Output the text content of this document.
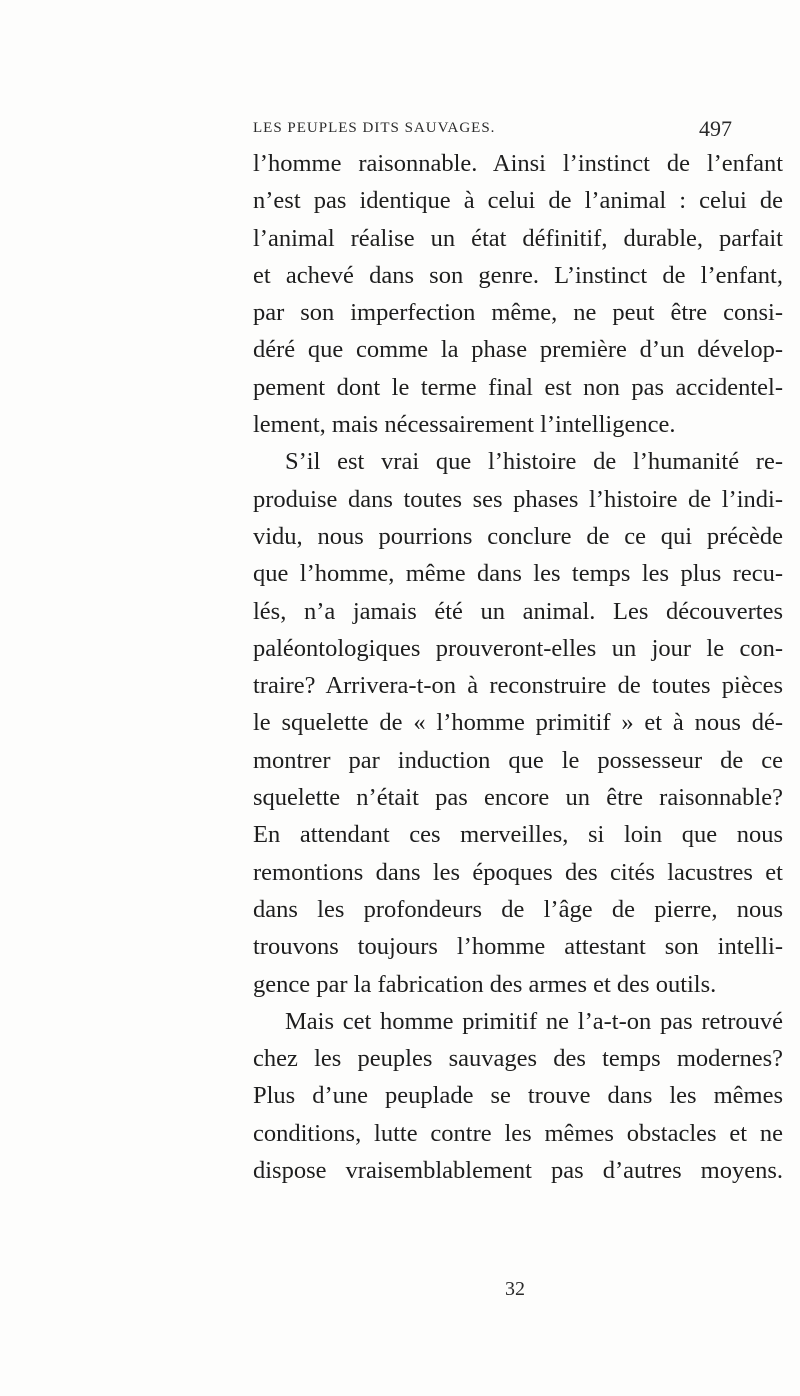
LES PEUPLES DITS SAUVAGES.	497
l’homme raisonnable. Ainsi l’instinct de l’enfant
n’est pas identique à celui de l’animal : celui de
l’animal réalise un état définitif, durable, parfait
et achevé dans son genre. L’instinct de l’enfant,
par son imperfection même, ne peut être consi-
déré que comme la phase première d’un dévelop-
pement dont le terme final est non pas accidentel-
lement, mais nécessairement l’intelligence.
S’il est vrai que l’histoire de l’humanité re-
produise dans toutes ses phases l’histoire de l’indi-
vidu, nous pourrions conclure de ce qui précède
que l’homme, même dans les temps les plus recu-
lés, n’a jamais été un animal. Les découvertes
paléontologiques prouveront-elles un jour le con-
traire? Arrivera-t-on à reconstruire de toutes pièces
le squelette de « l’homme primitif » et à nous dé-
montrer par induction que le possesseur de ce
squelette n’était pas encore un être raisonnable?
En attendant ces merveilles, si loin que nous
remontions dans les époques des cités lacustres et
dans les profondeurs de l’âge de pierre, nous
trouvons toujours l’homme attestant son intelli-
gence par la fabrication des armes et des outils.
Mais cet homme primitif ne l’a-t-on pas retrouvé
chez les peuples sauvages des temps modernes?
Plus d’une peuplade se trouve dans les mêmes
conditions, lutte contre les mêmes obstacles et ne
dispose vraisemblablement pas d’autres moyens.
32
